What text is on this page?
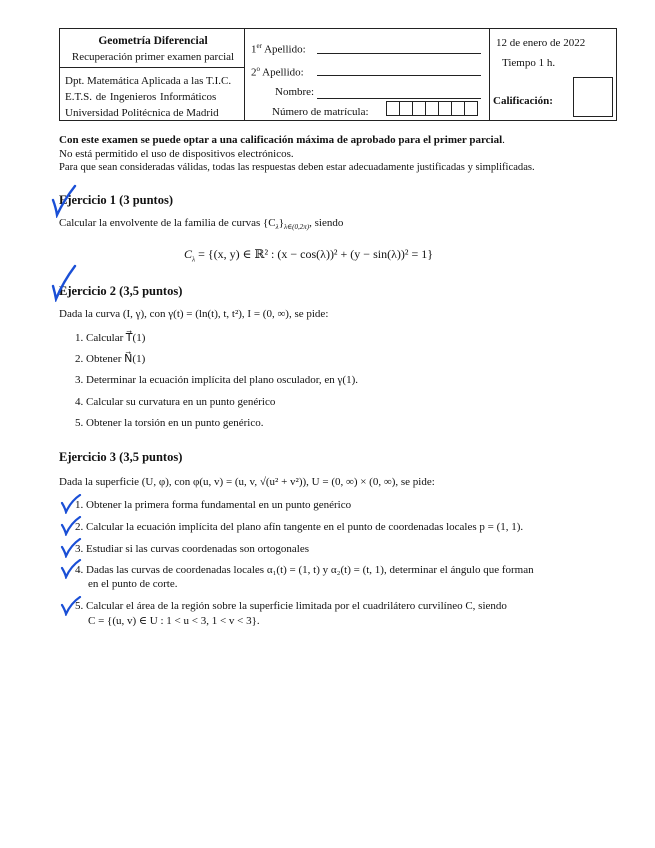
Geometría Diferencial
Recuperación primer examen parcial
Dpt. Matemática Aplicada a las T.I.C.
E.T.S. de Ingenieros Informáticos
Universidad Politécnica de Madrid
1er Apellido:
2$^o$ Apellido:
Nombre:
Número de matrícula:
12 de enero de 2022
Tiempo 1 h.
Calificación:
Con este examen se puede optar a una calificación máxima de aprobado para el primer parcial.
No está permitido el uso de dispositivos electrónicos.
Para que sean consideradas válidas, todas las respuestas deben estar adecuadamente justificadas y simplificadas.
Ejercicio 1 (3 puntos)
Calcular la envolvente de la familia de curvas $\{C_\lambda\}_{\lambda\in(0,2\pi)}$, siendo
$C_\lambda = \{(x$, y) ∈ ℝ² : (x − cos(λ))² + (y − sin(λ))² = 1}
Ejercicio 2 (3,5 puntos)
Dada la curva (I, γ), con γ(t) = (ln(t), t, t²), I = (0, ∞), se pide:
1. Calcular T⃗(1)
2. Obtener N⃗(1)
3. Determinar la ecuación implícita del plano osculador, en γ(1).
4. Calcular su curvatura en un punto genérico
5. Obtener la torsión en un punto genérico.
Ejercicio 3 (3,5 puntos)
Dada la superficie (U, φ), con φ(u, v) = (u, v, √(u² + v²)), U = (0, ∞) × (0, ∞), se pide:
1. Obtener la primera forma fundamental en un punto genérico
2. Calcular la ecuación implícita del plano afín tangente en el punto de coordenadas locales p = (1, 1).
3. Estudiar si las curvas coordenadas son ortogonales
4. Dadas las curvas de coordenadas locales α₁(t) = (1, t) y α₂(t) = (t, 1), determinar el ángulo que forman
en el punto de corte.
5. Calcular el área de la región sobre la superficie limitada por el cuadrilátero curvilíneo C, siendo
C = {(u, v) ∈ U : 1 < u < 3, 1 < v < 3}.
